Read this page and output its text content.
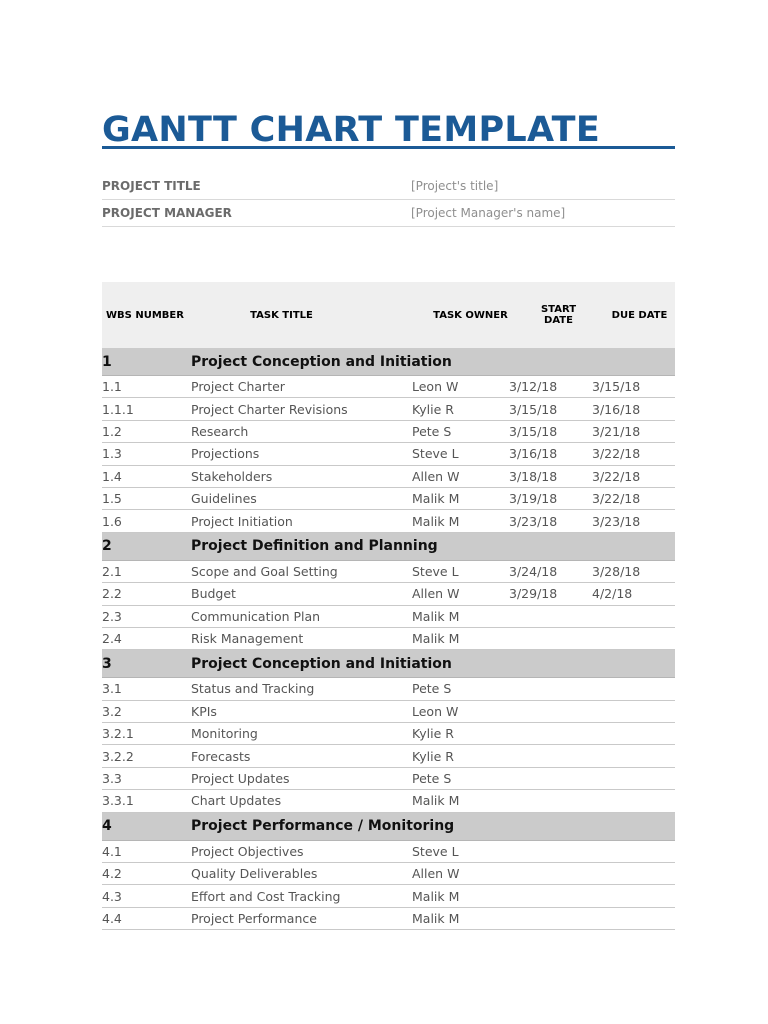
GANTT CHART TEMPLATE
PROJECT TITLE	[Project's title]
PROJECT MANAGER	[Project Manager's name]
WBS NUMBER	TASK TITLE	TASK OWNER	START DATE	DUE DATE
1	Project Conception and Initiation
1.1	Project Charter	Leon W	3/12/18	3/15/18
1.1.1	Project Charter Revisions	Kylie R	3/15/18	3/16/18
1.2	Research	Pete S	3/15/18	3/21/18
1.3	Projections	Steve L	3/16/18	3/22/18
1.4	Stakeholders	Allen W	3/18/18	3/22/18
1.5	Guidelines	Malik M	3/19/18	3/22/18
1.6	Project Initiation	Malik M	3/23/18	3/23/18
2	Project Definition and Planning
2.1	Scope and Goal Setting	Steve L	3/24/18	3/28/18
2.2	Budget	Allen W	3/29/18	4/2/18
2.3	Communication Plan	Malik M
2.4	Risk Management	Malik M
3	Project Conception and Initiation
3.1	Status and Tracking	Pete S
3.2	KPIs	Leon W
3.2.1	Monitoring	Kylie R
3.2.2	Forecasts	Kylie R
3.3	Project Updates	Pete S
3.3.1	Chart Updates	Malik M
4	Project Performance / Monitoring
4.1	Project Objectives	Steve L
4.2	Quality Deliverables	Allen W
4.3	Effort and Cost Tracking	Malik M
4.4	Project Performance	Malik M
